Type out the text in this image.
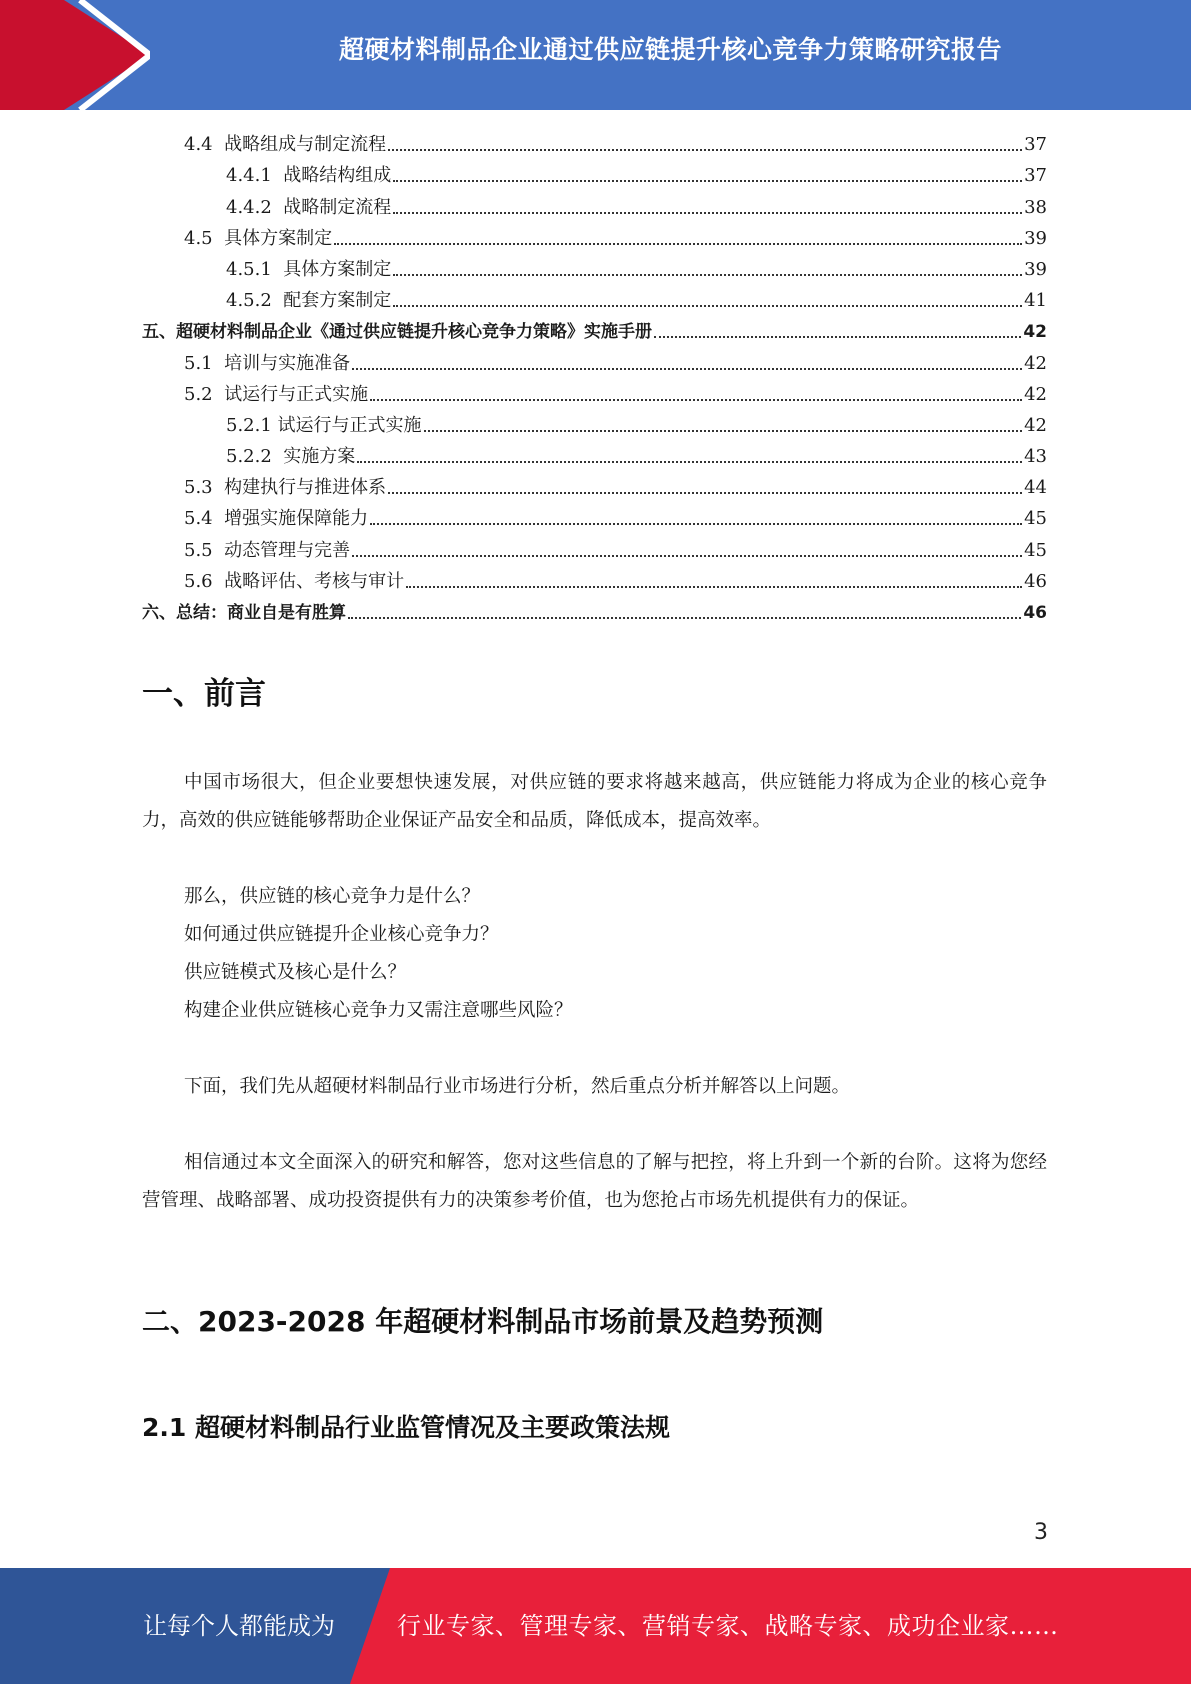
超硬材料制品企业通过供应链提升核心竞争力策略研究报告
4.4 战略组成与制定流程	37
4.4.1 战略结构组成	37
4.4.2 战略制定流程	38
4.5 具体方案制定	39
4.5.1 具体方案制定	39
4.5.2 配套方案制定	41
五、 超硬材料制品企业《通过供应链提升核心竞争力策略》实施手册	42
5.1 培训与实施准备	42
5.2 试运行与正式实施	42
5.2.1 试运行与正式实施	42
5.2.2 实施方案	43
5.3 构建执行与推进体系	44
5.4 增强实施保障能力	45
5.5 动态管理与完善	45
5.6 战略评估、考核与审计	46
六、 总结：商业自是有胜算	46
一、前言
中国市场很大，但企业要想快速发展，对供应链的要求将越来越高，供应链能力将成为企业的核心竞争力，高效的供应链能够帮助企业保证产品安全和品质，降低成本，提高效率。
那么，供应链的核心竞争力是什么？
如何通过供应链提升企业核心竞争力？
供应链模式及核心是什么？
构建企业供应链核心竞争力又需注意哪些风险？
下面，我们先从超硬材料制品行业市场进行分析，然后重点分析并解答以上问题。
相信通过本文全面深入的研究和解答，您对这些信息的了解与把控，将上升到一个新的台阶。这将为您经营管理、战略部署、成功投资提供有力的决策参考价值，也为您抢占市场先机提供有力的保证。
二、2023-2028 年超硬材料制品市场前景及趋势预测
2.1 超硬材料制品行业监管情况及主要政策法规
3
让每个人都能成为	行业专家、管理专家、营销专家、战略专家、成功企业家……
